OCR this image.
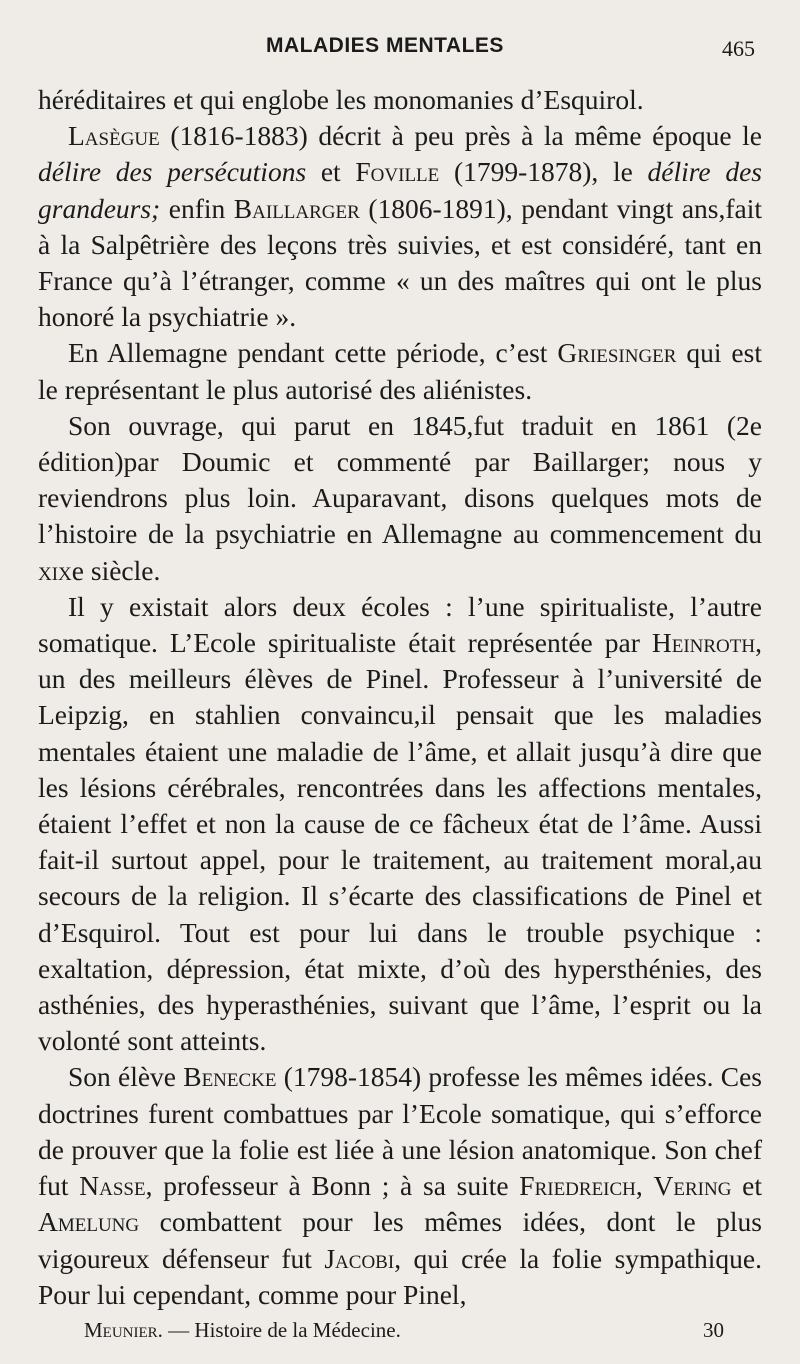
MALADIES MENTALES	465

héréditaires et qui englobe les monomanies d’Esquirol.

Lasègue (1816-1883) décrit à peu près à la même époque le délire des persécutions et Foville (1799-1878), le délire des grandeurs; enfin Baillarger (1806-1891), pendant vingt ans,fait à la Salpêtrière des leçons très suivies, et est considéré, tant en France qu’à l’étranger, comme « un des maîtres qui ont le plus honoré la psychiatrie ».

En Allemagne pendant cette période, c’est Griesinger qui est le représentant le plus autorisé des aliénistes.

Son ouvrage, qui parut en 1845,fut traduit en 1861 (2e édition)par Doumic et commenté par Baillarger; nous y reviendrons plus loin. Auparavant, disons quelques mots de l’histoire de la psychiatrie en Allemagne au commencement du xixe siècle.

Il y existait alors deux écoles : l’une spiritualiste, l’autre somatique. L’Ecole spiritualiste était représentée par Heinroth, un des meilleurs élèves de Pinel. Professeur à l’université de Leipzig, en stahlien convaincu,il pensait que les maladies mentales étaient une maladie de l’âme, et allait jusqu’à dire que les lésions cérébrales, rencontrées dans les affections mentales, étaient l’effet et non la cause de ce fâcheux état de l’âme. Aussi fait-il surtout appel, pour le traitement, au traitement moral,au secours de la religion. Il s’écarte des classifications de Pinel et d’Esquirol. Tout est pour lui dans le trouble psychique : exaltation, dépression, état mixte, d’où des hypersthénies, des asthénies, des hyperasthénies, suivant que l’âme, l’esprit ou la volonté sont atteints.

Son élève Benecke (1798-1854) professe les mêmes idées. Ces doctrines furent combattues par l’Ecole somatique, qui s’efforce de prouver que la folie est liée à une lésion anatomique. Son chef fut Nasse, professeur à Bonn ; à sa suite Friedreich, Vering et Amelung combattent pour les mêmes idées, dont le plus vigoureux défenseur fut Jacobi, qui crée la folie sympathique. Pour lui cependant, comme pour Pinel,

Meunier. — Histoire de la Médecine.	30
